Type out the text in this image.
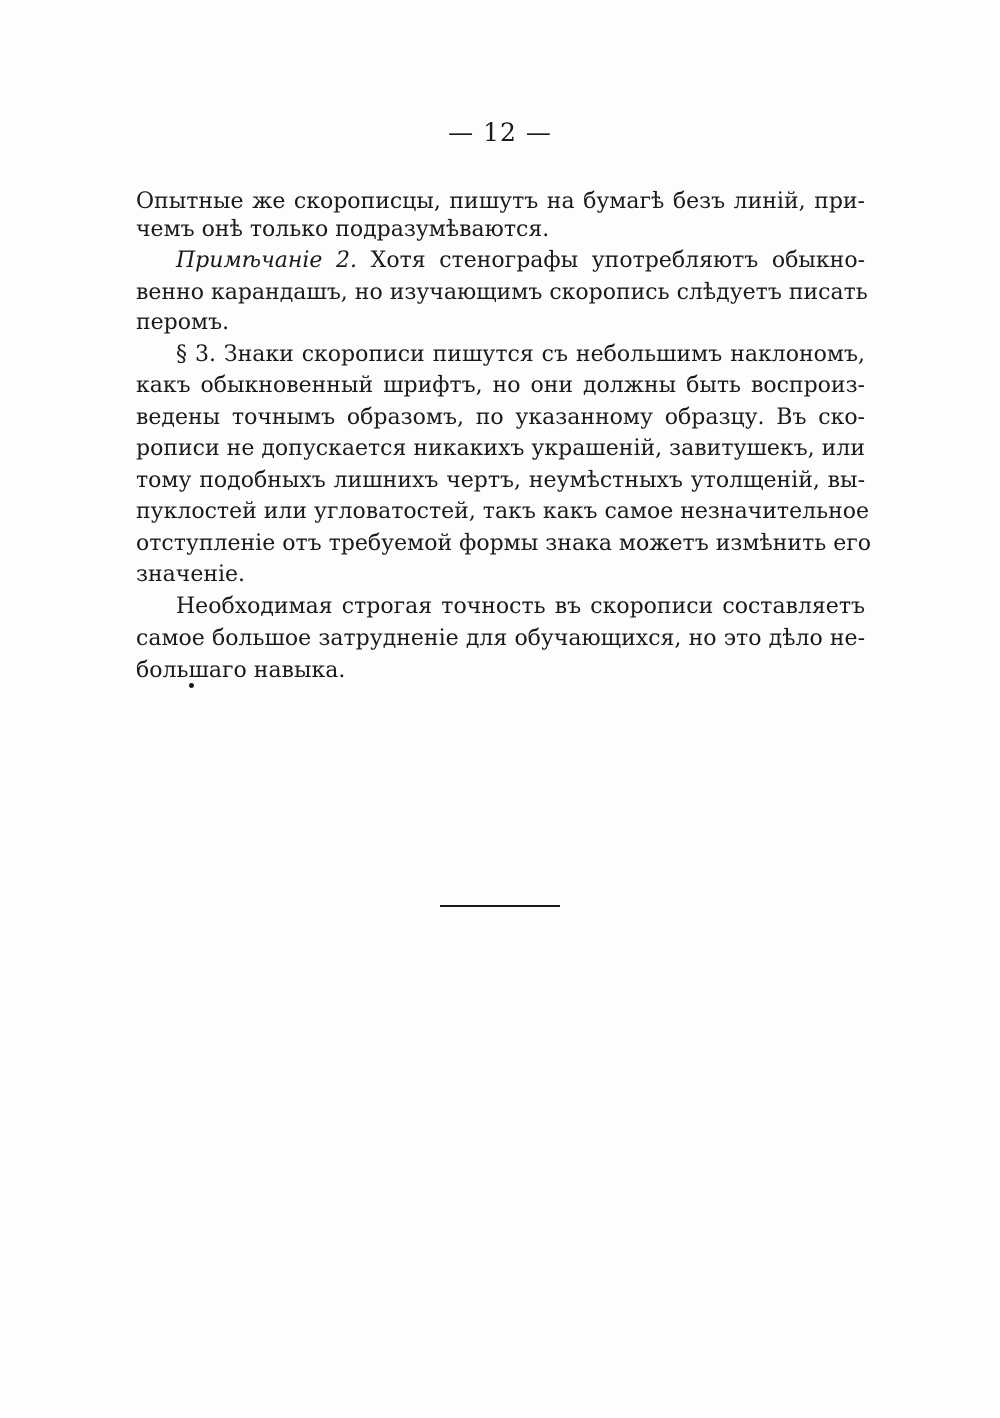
— 12 —
Опытные же скорописцы, пишутъ на бумагѣ безъ линій, при-
чемъ онѣ только подразумѣваются.
Примѣчаніе 2. Хотя стенографы употребляютъ обыкно-
венно карандашъ, но изучающимъ скоропись слѣдуетъ писать
перомъ.
§ 3. Знаки скорописи пишутся съ небольшимъ наклономъ,
какъ обыкновенный шрифтъ, но они должны быть воспроиз-
ведены точнымъ образомъ, по указанному образцу. Въ ско-
рописи не допускается никакихъ украшеній, завитушекъ, или
тому подобныхъ лишнихъ чертъ, неумѣстныхъ утолщеній, вы-
пуклостей или угловатостей, такъ какъ самое незначительное
отступленіе отъ требуемой формы знака можетъ измѣнить его
значеніе.
Необходимая строгая точность въ скорописи составляетъ
самое большое затрудненіе для обучающихся, но это дѣло не-
большаго навыка.
